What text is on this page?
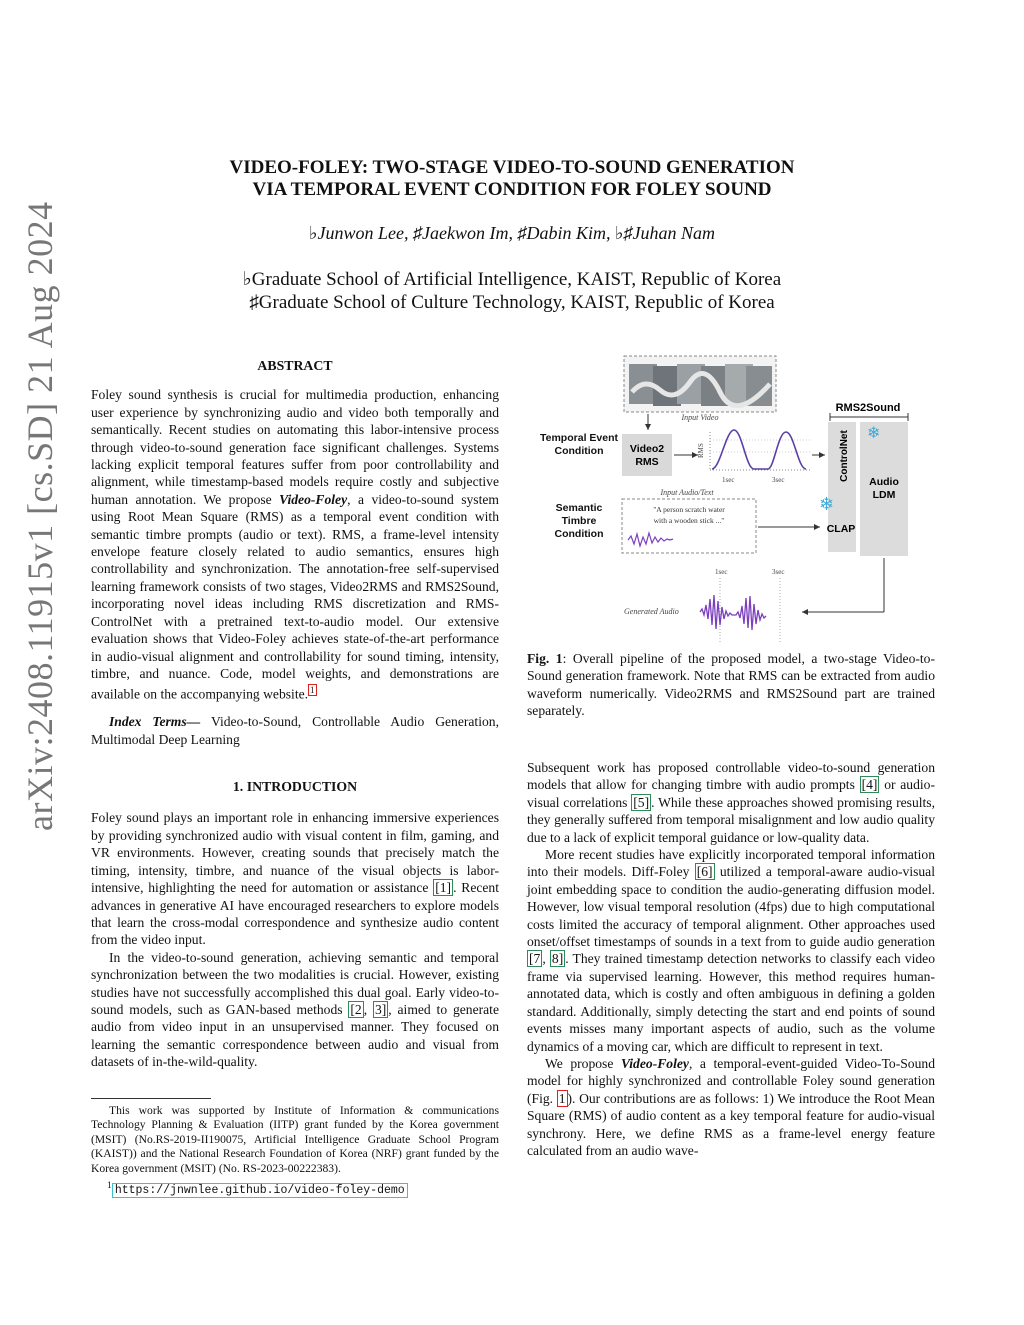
arXiv:2408.11915v1 [cs.SD] 21 Aug 2024
VIDEO-FOLEY: TWO-STAGE VIDEO-TO-SOUND GENERATION
VIA TEMPORAL EVENT CONDITION FOR FOLEY SOUND
♭Junwon Lee, ♯Jaekwon Im, ♯Dabin Kim, ♭♯Juhan Nam
♭Graduate School of Artificial Intelligence, KAIST, Republic of Korea
♯Graduate School of Culture Technology, KAIST, Republic of Korea
ABSTRACT

Foley sound synthesis is crucial for multimedia production, enhancing user experience by synchronizing audio and video both temporally and semantically. Recent studies on automating this labor-intensive process through video-to-sound generation face significant challenges. Systems lacking explicit temporal features suffer from poor controllability and alignment, while timestamp-based models require costly and subjective human annotation. We propose Video-Foley, a video-to-sound system using Root Mean Square (RMS) as a temporal event condition with semantic timbre prompts (audio or text). RMS, a frame-level intensity envelope feature closely related to audio semantics, ensures high controllability and synchronization. The annotation-free self-supervised learning framework consists of two stages, Video2RMS and RMS2Sound, incorporating novel ideas including RMS discretization and RMS-ControlNet with a pretrained text-to-audio model. Our extensive evaluation shows that Video-Foley achieves state-of-the-art performance in audio-visual alignment and controllability for sound timing, intensity, timbre, and nuance. Code, model weights, and demonstrations are available on the accompanying website. $^1$

Index Terms— Video-to-Sound, Controllable Audio Generation, Multimodal Deep Learning

1. INTRODUCTION

Foley sound plays an important role in enhancing immersive experiences by providing synchronized audio with visual content in film, gaming, and VR environments. However, creating sounds that precisely match the timing, intensity, timbre, and nuance of the visual objects is labor-intensive, highlighting the need for automation or assistance [1] . Recent advances in generative AI have encouraged researchers to explore models that learn the cross-modal correspondence and synthesize audio content from the video input.

In the video-to-sound generation, achieving semantic and temporal synchronization between the two modalities is crucial. However, existing studies have not successfully accomplished this dual goal. Early video-to-sound models, such as GAN-based methods [2 , 3] , aimed to generate audio from video input in an unsupervised manner. They focused on learning the semantic correspondence between audio and visual from datasets of in-the-wild-quality.

This work was supported by Institute of Information & communications Technology Planning & Evaluation (IITP) grant funded by the Korea government (MSIT) (No.RS-2019-II190075, Artificial Intelligence Graduate School Program (KAIST)) and the National Research Foundation of Korea (NRF) grant funded by the Korea government (MSIT) (No. RS-2023-00222383).

$^1$ https://jnwnlee.github.io/video-foley-demo

Input Video
RMS2Sound
Video2
RMS
RMS
1sec	3sec	ControlNet
Audio
LDM
❄
❄
Input Audio/Text
"A person scratch water
with a wooden stick ..."
CLAP
1sec	3sec
Generated Audio
Temporal Event Condition
Semantic Timbre Condition

Fig. 1: Overall pipeline of the proposed model, a two-stage Video-to-Sound generation framework. Note that RMS can be extracted from audio waveform numerically. Video2RMS and RMS2Sound part are trained separately.

Subsequent work has proposed controllable video-to-sound generation models that allow for changing timbre with audio prompts [4] or audio-visual correlations [5] . While these approaches showed promising results, they generally suffered from temporal misalignment and low audio quality due to a lack of explicit temporal guidance or low-quality data.

More recent studies have explicitly incorporated temporal information into their models. Diff-Foley [6] utilized a temporal-aware audio-visual joint embedding space to condition the audio-generating diffusion model. However, low visual temporal resolution (4fps) due to high computational costs limited the accuracy of temporal alignment. Other approaches used onset/offset timestamps of sounds in a text from to guide audio generation [7 , 8] . They trained timestamp detection networks to classify each video frame via supervised learning. However, this method requires human-annotated data, which is costly and often ambiguous in defining a golden standard. Additionally, simply detecting the start and end points of sound events misses many important aspects of audio, such as the volume dynamics of a moving car, which are difficult to represent in text.

We propose Video-Foley, a temporal-event-guided Video-To-Sound model for highly synchronized and controllable Foley sound generation (Fig. 1 ). Our contributions are as follows: 1) We introduce the Root Mean Square (RMS) of audio content as a key temporal feature for audio-visual synchrony. Here, we define RMS as a frame-level energy feature calculated from an audio wave-
